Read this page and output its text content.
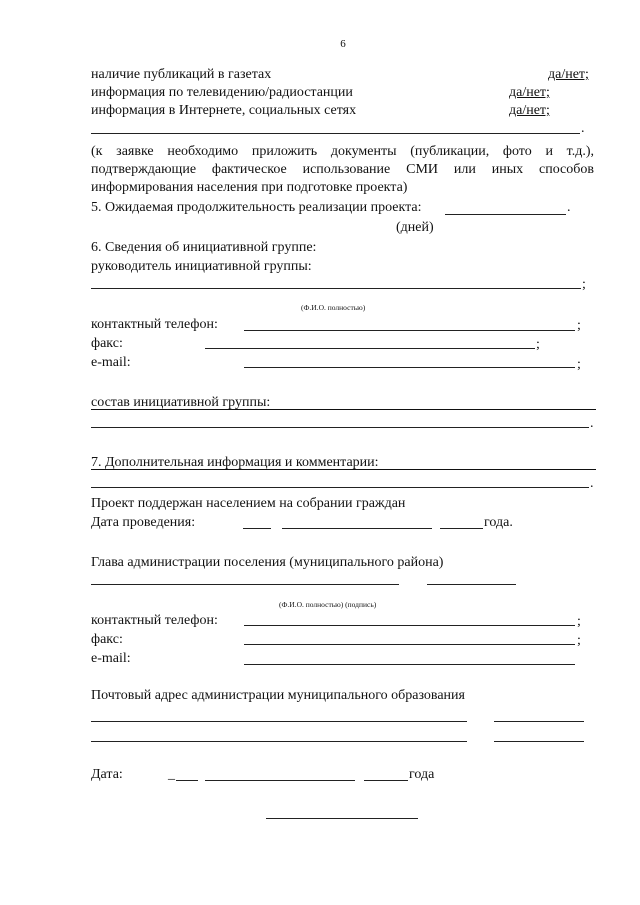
6
наличие публикаций в газетах	да/нет;
информация по телевидению/радиостанции	да/нет;
информация в Интернете, социальных сетях	да/нет;
.
(к заявке необходимо приложить документы (публикации, фото и т.д.),
подтверждающие фактическое использование СМИ или иных способов
информирования населения при подготовке проекта)
5. Ожидаемая продолжительность реализации проекта:	.
(дней)
6. Сведения об инициативной группе:
руководитель инициативной группы:
;
(Ф.И.О. полностью)
контактный телефон:	;
факс:	;
e-mail:	;
состав инициативной группы:
.
7. Дополнительная информация и комментарии:
.
Проект поддержан населением на собрании граждан
Дата проведения:	года.
Глава администрации поселения (муниципального района)
(Ф.И.О. полностью) (подпись)
контактный телефон:	;
факс:	;
e-mail:
Почтовый адрес администрации муниципального образования
Дата:	_	года
